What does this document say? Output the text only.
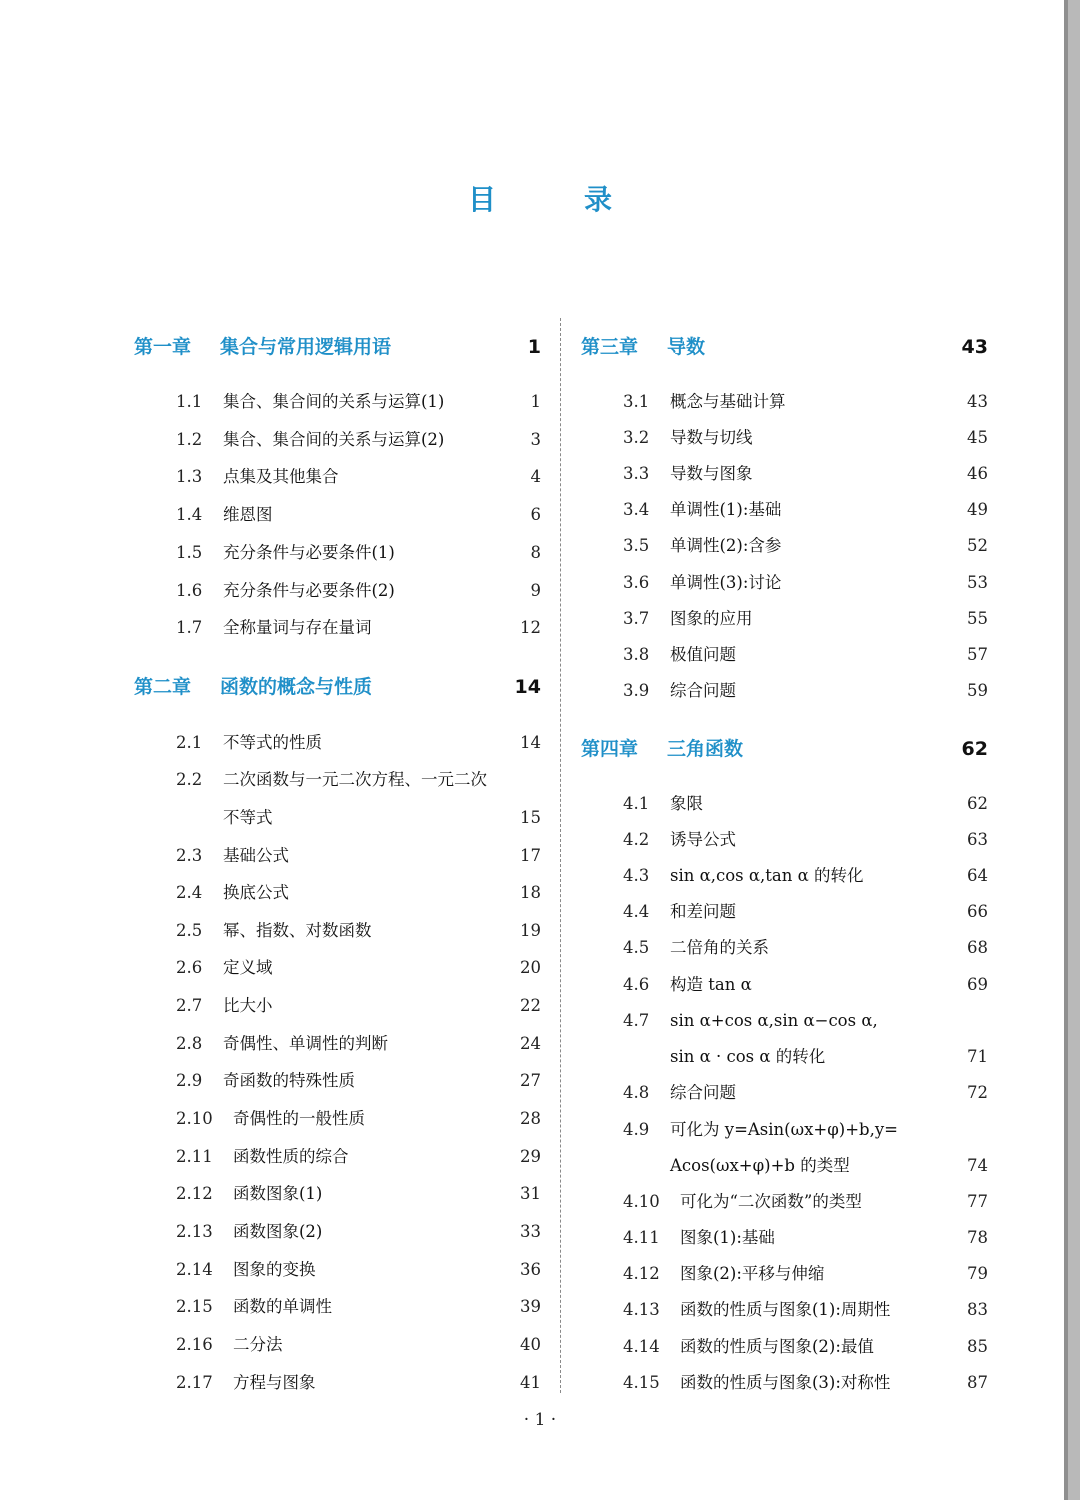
目　录
第一章 集合与常用逻辑用语	1
1.1 集合、集合间的关系与运算(1)	1
1.2 集合、集合间的关系与运算(2)	3
1.3 点集及其他集合	4
1.4 维恩图	6
1.5 充分条件与必要条件(1)	8
1.6 充分条件与必要条件(2)	9
1.7 全称量词与存在量词	12
第二章 函数的概念与性质	14
2.1 不等式的性质	14
2.2 二次函数与一元二次方程、一元二次
不等式	15
2.3 基础公式	17
2.4 换底公式	18
2.5 幂、指数、对数函数	19
2.6 定义域	20
2.7 比大小	22
2.8 奇偶性、单调性的判断	24
2.9 奇函数的特殊性质	27
2.10 奇偶性的一般性质	28
2.11 函数性质的综合	29
2.12 函数图象(1)	31
2.13 函数图象(2)	33
2.14 图象的变换	36
2.15 函数的单调性	39
2.16 二分法	40
2.17 方程与图象	41
第三章 导数	43
3.1 概念与基础计算	43
3.2 导数与切线	45
3.3 导数与图象	46
3.4 单调性(1):基础	49
3.5 单调性(2):含参	52
3.6 单调性(3):讨论	53
3.7 图象的应用	55
3.8 极值问题	57
3.9 综合问题	59
第四章 三角函数	62
4.1 象限	62
4.2 诱导公式	63
4.3 sin α,cos α,tan α 的转化	64
4.4 和差问题	66
4.5 二倍角的关系	68
4.6 构造 tan α	69
4.7 sin α+cos α,sin α−cos α,
sin α · cos α 的转化	71
4.8 综合问题	72
4.9 可化为 y=Asin(ωx+φ)+b,y=
Acos(ωx+φ)+b 的类型	74
4.10 可化为“二次函数”的类型	77
4.11 图象(1):基础	78
4.12 图象(2):平移与伸缩	79
4.13 函数的性质与图象(1):周期性	83
4.14 函数的性质与图象(2):最值	85
4.15 函数的性质与图象(3):对称性	87
· 1 ·
